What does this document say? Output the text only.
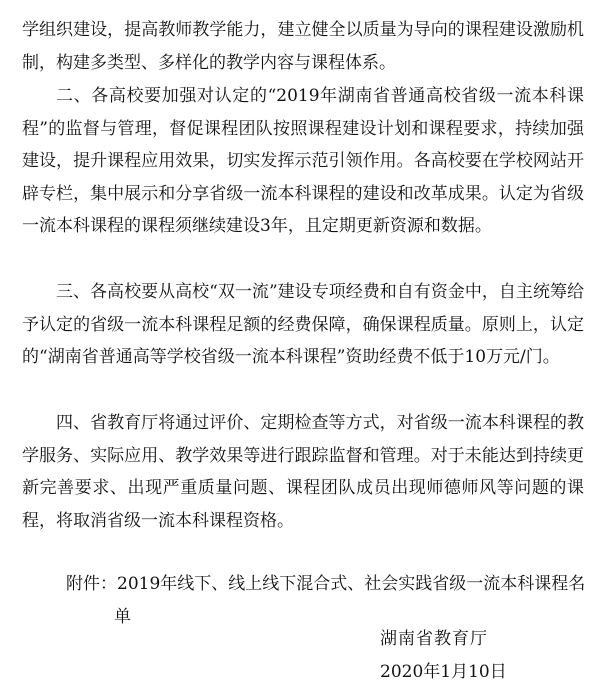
学组织建设，提高教师教学能力，建立健全以质量为导向的课程建设激励机制，构建多类型、多样化的教学内容与课程体系。

二、各高校要加强对认定的“2019年湖南省普通高校省级一流本科课程”的监督与管理，督促课程团队按照课程建设计划和课程要求，持续加强建设，提升课程应用效果，切实发挥示范引领作用。各高校要在学校网站开辟专栏，集中展示和分享省级一流本科课程的建设和改革成果。认定为省级一流本科课程的课程须继续建设3年，且定期更新资源和数据。

三、各高校要从高校“双一流”建设专项经费和自有资金中，自主统筹给予认定的省级一流本科课程足额的经费保障，确保课程质量。原则上，认定的“湖南省普通高等学校省级一流本科课程”资助经费不低于10万元/门。

四、省教育厅将通过评价、定期检查等方式，对省级一流本科课程的教学服务、实际应用、教学效果等进行跟踪监督和管理。对于未能达到持续更新完善要求、出现严重质量问题、课程团队成员出现师德师风等问题的课程，将取消省级一流本科课程资格。

附件：2019年线下、线上线下混合式、社会实践省级一流本科课程名单

湖南省教育厅

2020年1月10日
